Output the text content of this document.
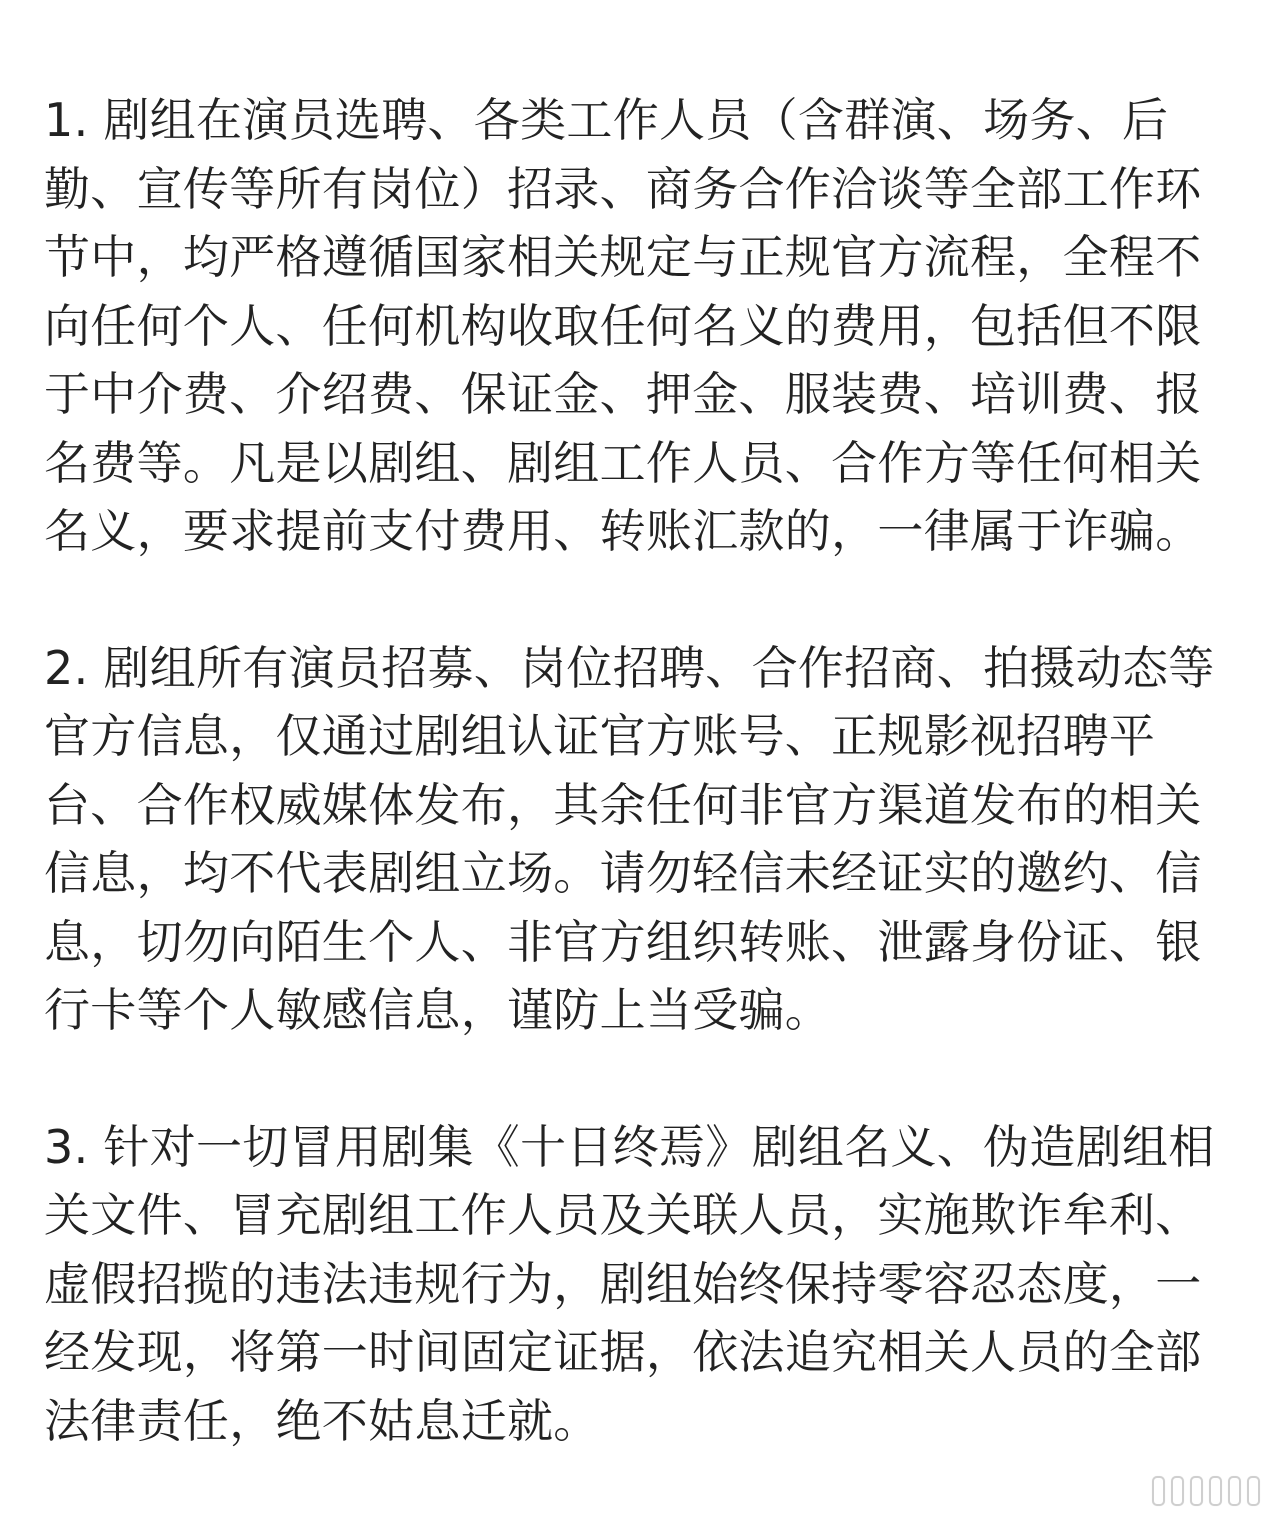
1. 剧组在演员选聘、各类工作人员（含群演、场务、后
勤、宣传等所有岗位）招录、商务合作洽谈等全部工作环
节中，均严格遵循国家相关规定与正规官方流程，全程不
向任何个人、任何机构收取任何名义的费用，包括但不限
于中介费、介绍费、保证金、押金、服装费、培训费、报
名费等。凡是以剧组、剧组工作人员、合作方等任何相关
名义，要求提前支付费用、转账汇款的，一律属于诈骗。

2. 剧组所有演员招募、岗位招聘、合作招商、拍摄动态等
官方信息，仅通过剧组认证官方账号、正规影视招聘平
台、合作权威媒体发布，其余任何非官方渠道发布的相关
信息，均不代表剧组立场。请勿轻信未经证实的邀约、信
息，切勿向陌生个人、非官方组织转账、泄露身份证、银
行卡等个人敏感信息，谨防上当受骗。

3. 针对一切冒用剧集《十日终焉》剧组名义、伪造剧组相
关文件、冒充剧组工作人员及关联人员，实施欺诈牟利、
虚假招揽的违法违规行为，剧组始终保持零容忍态度，一
经发现，将第一时间固定证据，依法追究相关人员的全部
法律责任，绝不姑息迁就。
